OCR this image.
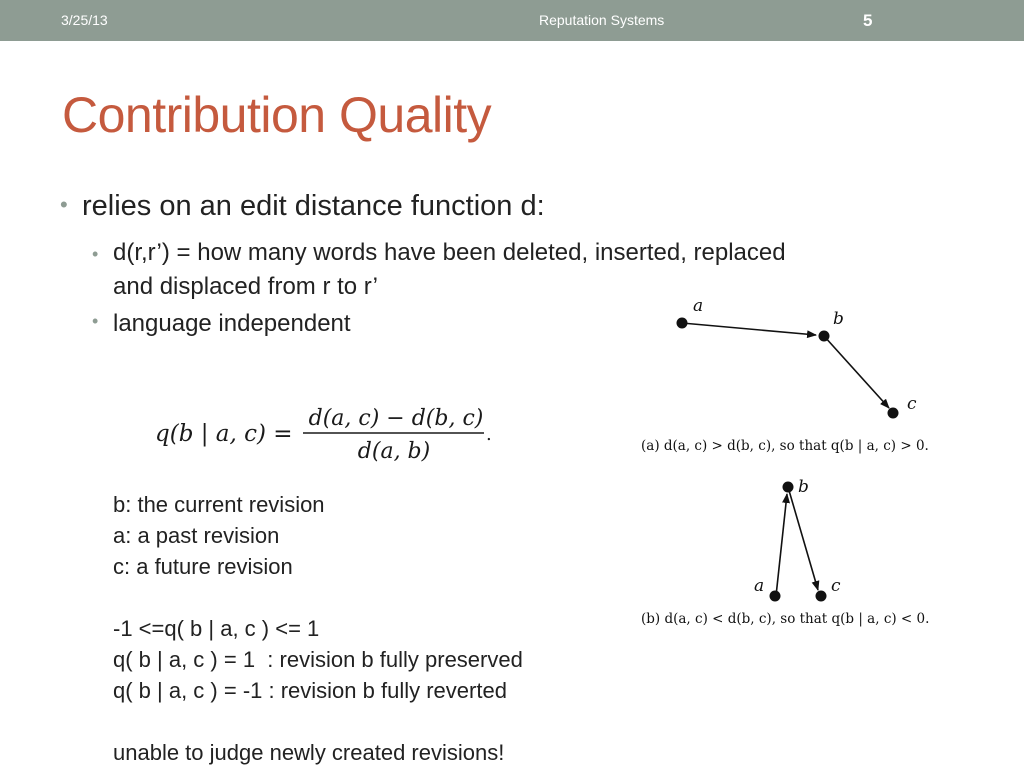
3/25/13	Reputation Systems	5
Contribution Quality
• relies on an edit distance function d:
• d(r,r’) = how many words have been deleted, inserted, replaced
and displaced from r to r’
• language independent
q(b | a, c) =
d(a, c) − d(b, c)
d(a, b)
.
b: the current revision
a: a past revision
c: a future revision
-1 <=q( b | a, c ) <= 1
q( b | a, c ) = 1  : revision b fully preserved
q( b | a, c ) = -1 : revision b fully reverted
unable to judge newly created revisions!
a
b
c
(a) d(a, c) > d(b, c), so that q(b | a, c) > 0.
b
a	c
(b) d(a, c) < d(b, c), so that q(b | a, c) < 0.
